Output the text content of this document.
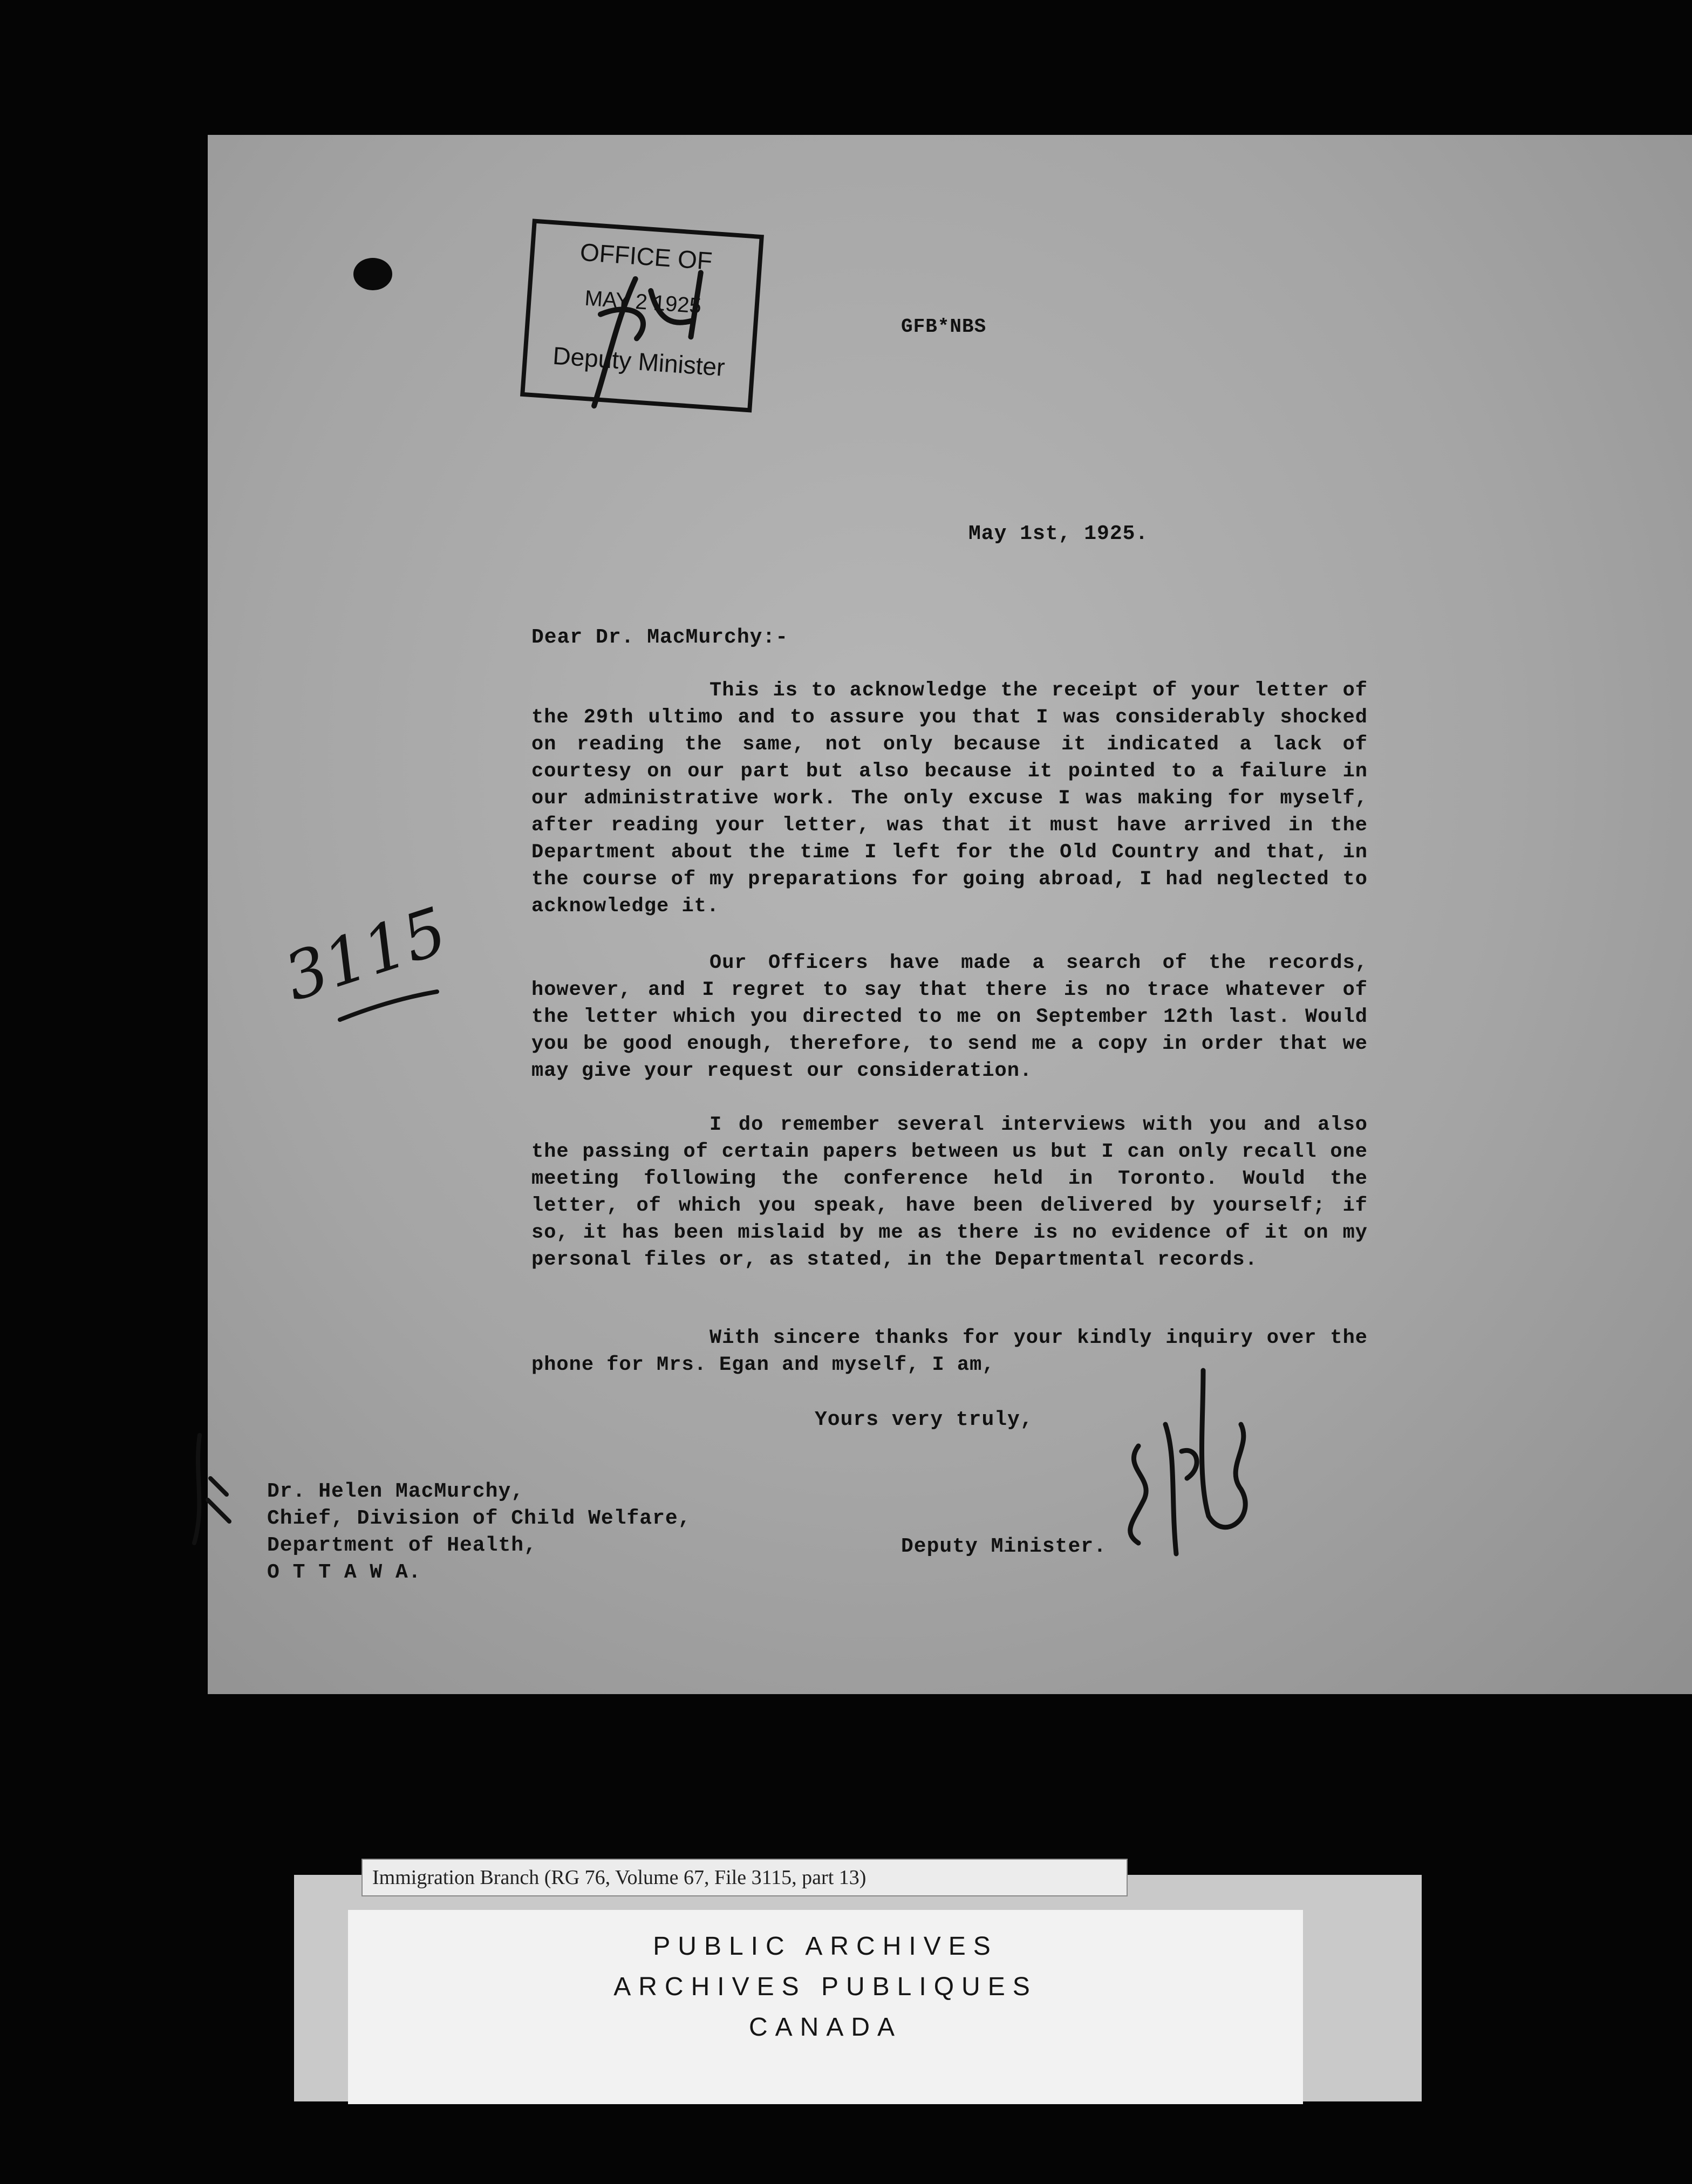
OFFICE OF
MAY 2 1925
Deputy Minister
GFB*NBS
May 1st, 1925.
Dear Dr. MacMurchy:-

This is to acknowledge the receipt of your letter of the 29th ultimo and to assure you that I was considerably shocked on reading the same, not only because it indicated a lack of courtesy on our part but also because it pointed to a failure in our administrative work. The only excuse I was making for myself, after reading your letter, was that it must have arrived in the Department about the time I left for the Old Country and that, in the course of my preparations for going abroad, I had neglected to acknowledge it.

Our Officers have made a search of the records, however, and I regret to say that there is no trace whatever of the letter which you directed to me on September 12th last. Would you be good enough, therefore, to send me a copy in order that we may give your request our consideration.

I do remember several interviews with you and also the passing of certain papers between us but I can only recall one meeting following the conference held in Toronto. Would the letter, of which you speak, have been delivered by yourself; if so, it has been mislaid by me as there is no evidence of it on my personal files or, as stated, in the Departmental records.

With sincere thanks for your kindly inquiry over the phone for Mrs. Egan and myself, I am,

Yours very truly,
Dr. Helen MacMurchy,
Chief, Division of Child Welfare,
Department of Health,
O T T A W A.
Deputy Minister.
3115
Immigration Branch (RG 76, Volume 67, File 3115, part 13)
PUBLIC ARCHIVES
ARCHIVES PUBLIQUES
CANADA
